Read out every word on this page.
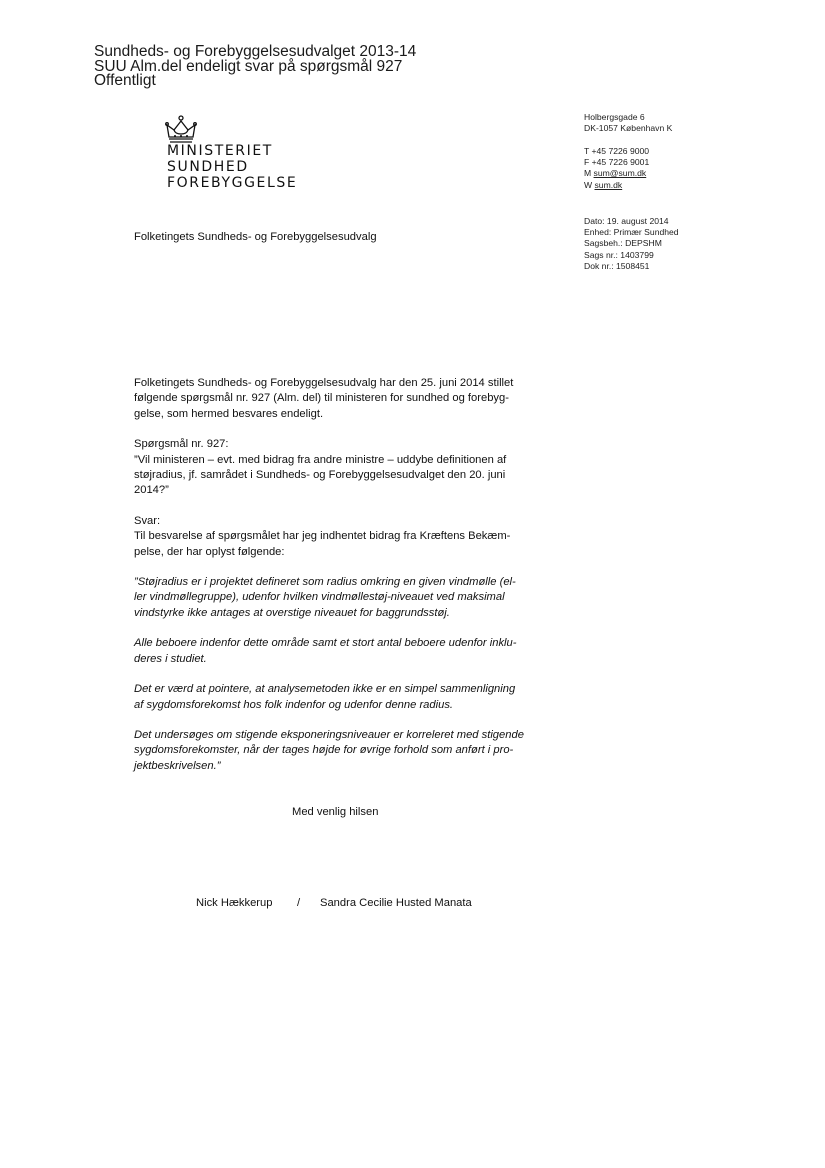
Sundheds- og Forebyggelsesudvalget 2013-14
SUU Alm.del endeligt svar på spørgsmål 927
Offentligt
MINISTERIET
SUNDHED
FOREBYGGELSE
Holbergsgade 6
DK-1057 København K
T +45 7226 9000
F +45 7226 9001
M sum@sum.dk
W sum.dk
Dato: 19. august 2014
Enhed: Primær Sundhed
Sagsbeh.: DEPSHM
Sags nr.: 1403799
Dok nr.: 1508451
Folketingets Sundheds- og Forebyggelsesudvalg

Folketingets Sundheds- og Forebyggelsesudvalg har den 25. juni 2014 stillet
følgende spørgsmål nr. 927 (Alm. del) til ministeren for sundhed og forebyg-
gelse, som hermed besvares endeligt.

Spørgsmål nr. 927:
”Vil ministeren – evt. med bidrag fra andre ministre – uddybe definitionen af
støjradius, jf. samrådet i Sundheds- og Forebyggelsesudvalget den 20. juni
2014?”

Svar:
Til besvarelse af spørgsmålet har jeg indhentet bidrag fra Kræftens Bekæm-
pelse, der har oplyst følgende:

”Støjradius er i projektet defineret som radius omkring en given vindmølle (el-
ler vindmøllegruppe), udenfor hvilken vindmøllestøj-niveauet ved maksimal
vindstyrke ikke antages at overstige niveauet for baggrundsstøj.

Alle beboere indenfor dette område samt et stort antal beboere udenfor inklu-
deres i studiet.

Det er værd at pointere, at analysemetoden ikke er en simpel sammenligning
af sygdomsforekomst hos folk indenfor og udenfor denne radius.

Det undersøges om stigende eksponeringsniveauer er korreleret med stigende
sygdomsforekomster, når der tages højde for øvrige forhold som anført i pro-
jektbeskrivelsen.”

Med venlig hilsen
Nick Hækkerup / Sandra Cecilie Husted Manata
